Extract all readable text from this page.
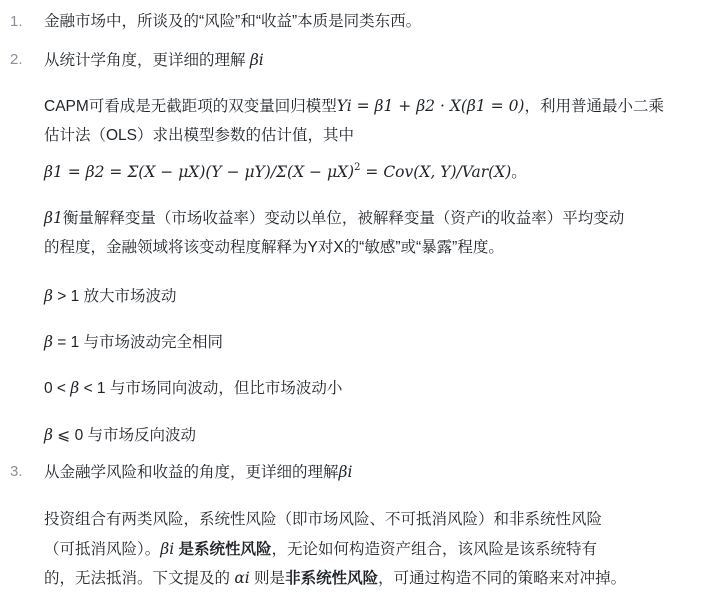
1.	金融市场中，所谈及的“风险”和“收益”本质是同类东西。
2.	从统计学角度，更详细的理解 βi
CAPM可看成是无截距项的双变量回归模型Yi = β1 + β2 · X(β1 = 0)，利用普通最小二乘
估计法（OLS）求出模型参数的估计值，其中
$\beta 1 = \beta 2 = \Sigma(X - \mu X)(Y - \mu Y)/\Sigma(X - \mu X)^2 = Cov(X$, Y)/Var(X)。
β1衡量解释变量（市场收益率）变动以单位，被解释变量（资产i的收益率）平均变动
的程度，金融领域将该变动程度解释为Y对X的“敏感”或“暴露”程度。
β > 1 放大市场波动
β = 1 与市场波动完全相同
0 < β < 1 与市场同向波动，但比市场波动小
β ⩽ 0 与市场反向波动
3.	从金融学风险和收益的角度，更详细的理解βi
投资组合有两类风险，系统性风险（即市场风险、不可抵消风险）和非系统性风险
（可抵消风险）。βi 是系统性风险，无论如何构造资产组合，该风险是该系统特有
的，无法抵消。下文提及的 αi 则是非系统性风险，可通过构造不同的策略来对冲掉。
